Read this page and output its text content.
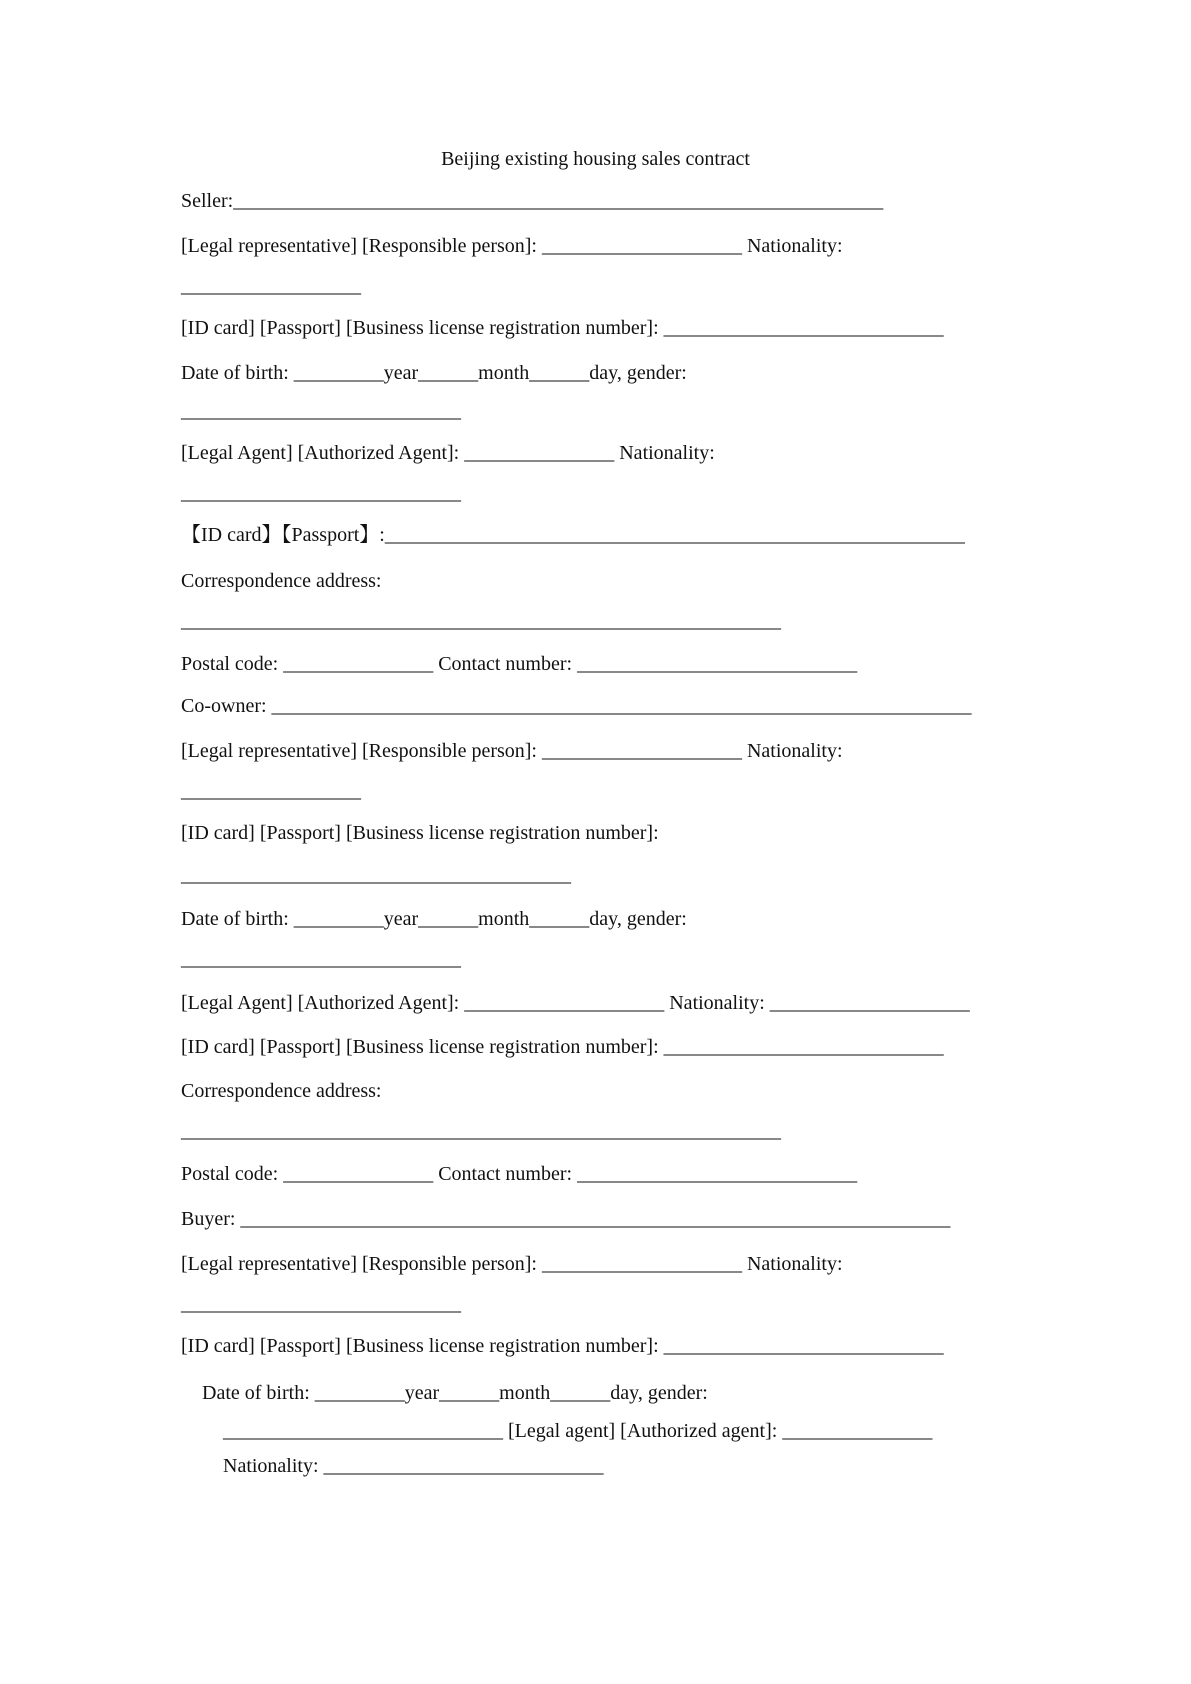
Beijing existing housing sales contract
Seller:_________________________________________________________________
[Legal representative] [Responsible person]: ____________________ Nationality:
__________________
[ID card] [Passport] [Business license registration number]: ____________________________
Date of birth: _________year______month______day, gender:
____________________________
[Legal Agent] [Authorized Agent]: _______________ Nationality:
____________________________
【ID card】【Passport】:__________________________________________________________
Correspondence address:
____________________________________________________________
Postal code: _______________ Contact number: ____________________________
Co-owner: ______________________________________________________________________
[Legal representative] [Responsible person]: ____________________ Nationality:
__________________
[ID card] [Passport] [Business license registration number]:
_______________________________________
Date of birth: _________year______month______day, gender:
____________________________
[Legal Agent] [Authorized Agent]: ____________________ Nationality: ____________________
[ID card] [Passport] [Business license registration number]: ____________________________
Correspondence address:
____________________________________________________________
Postal code: _______________ Contact number: ____________________________
Buyer: _______________________________________________________________________
[Legal representative] [Responsible person]: ____________________ Nationality:
____________________________
[ID card] [Passport] [Business license registration number]: ____________________________
Date of birth: _________year______month______day, gender:
____________________________ [Legal agent] [Authorized agent]: _______________
Nationality: ____________________________
